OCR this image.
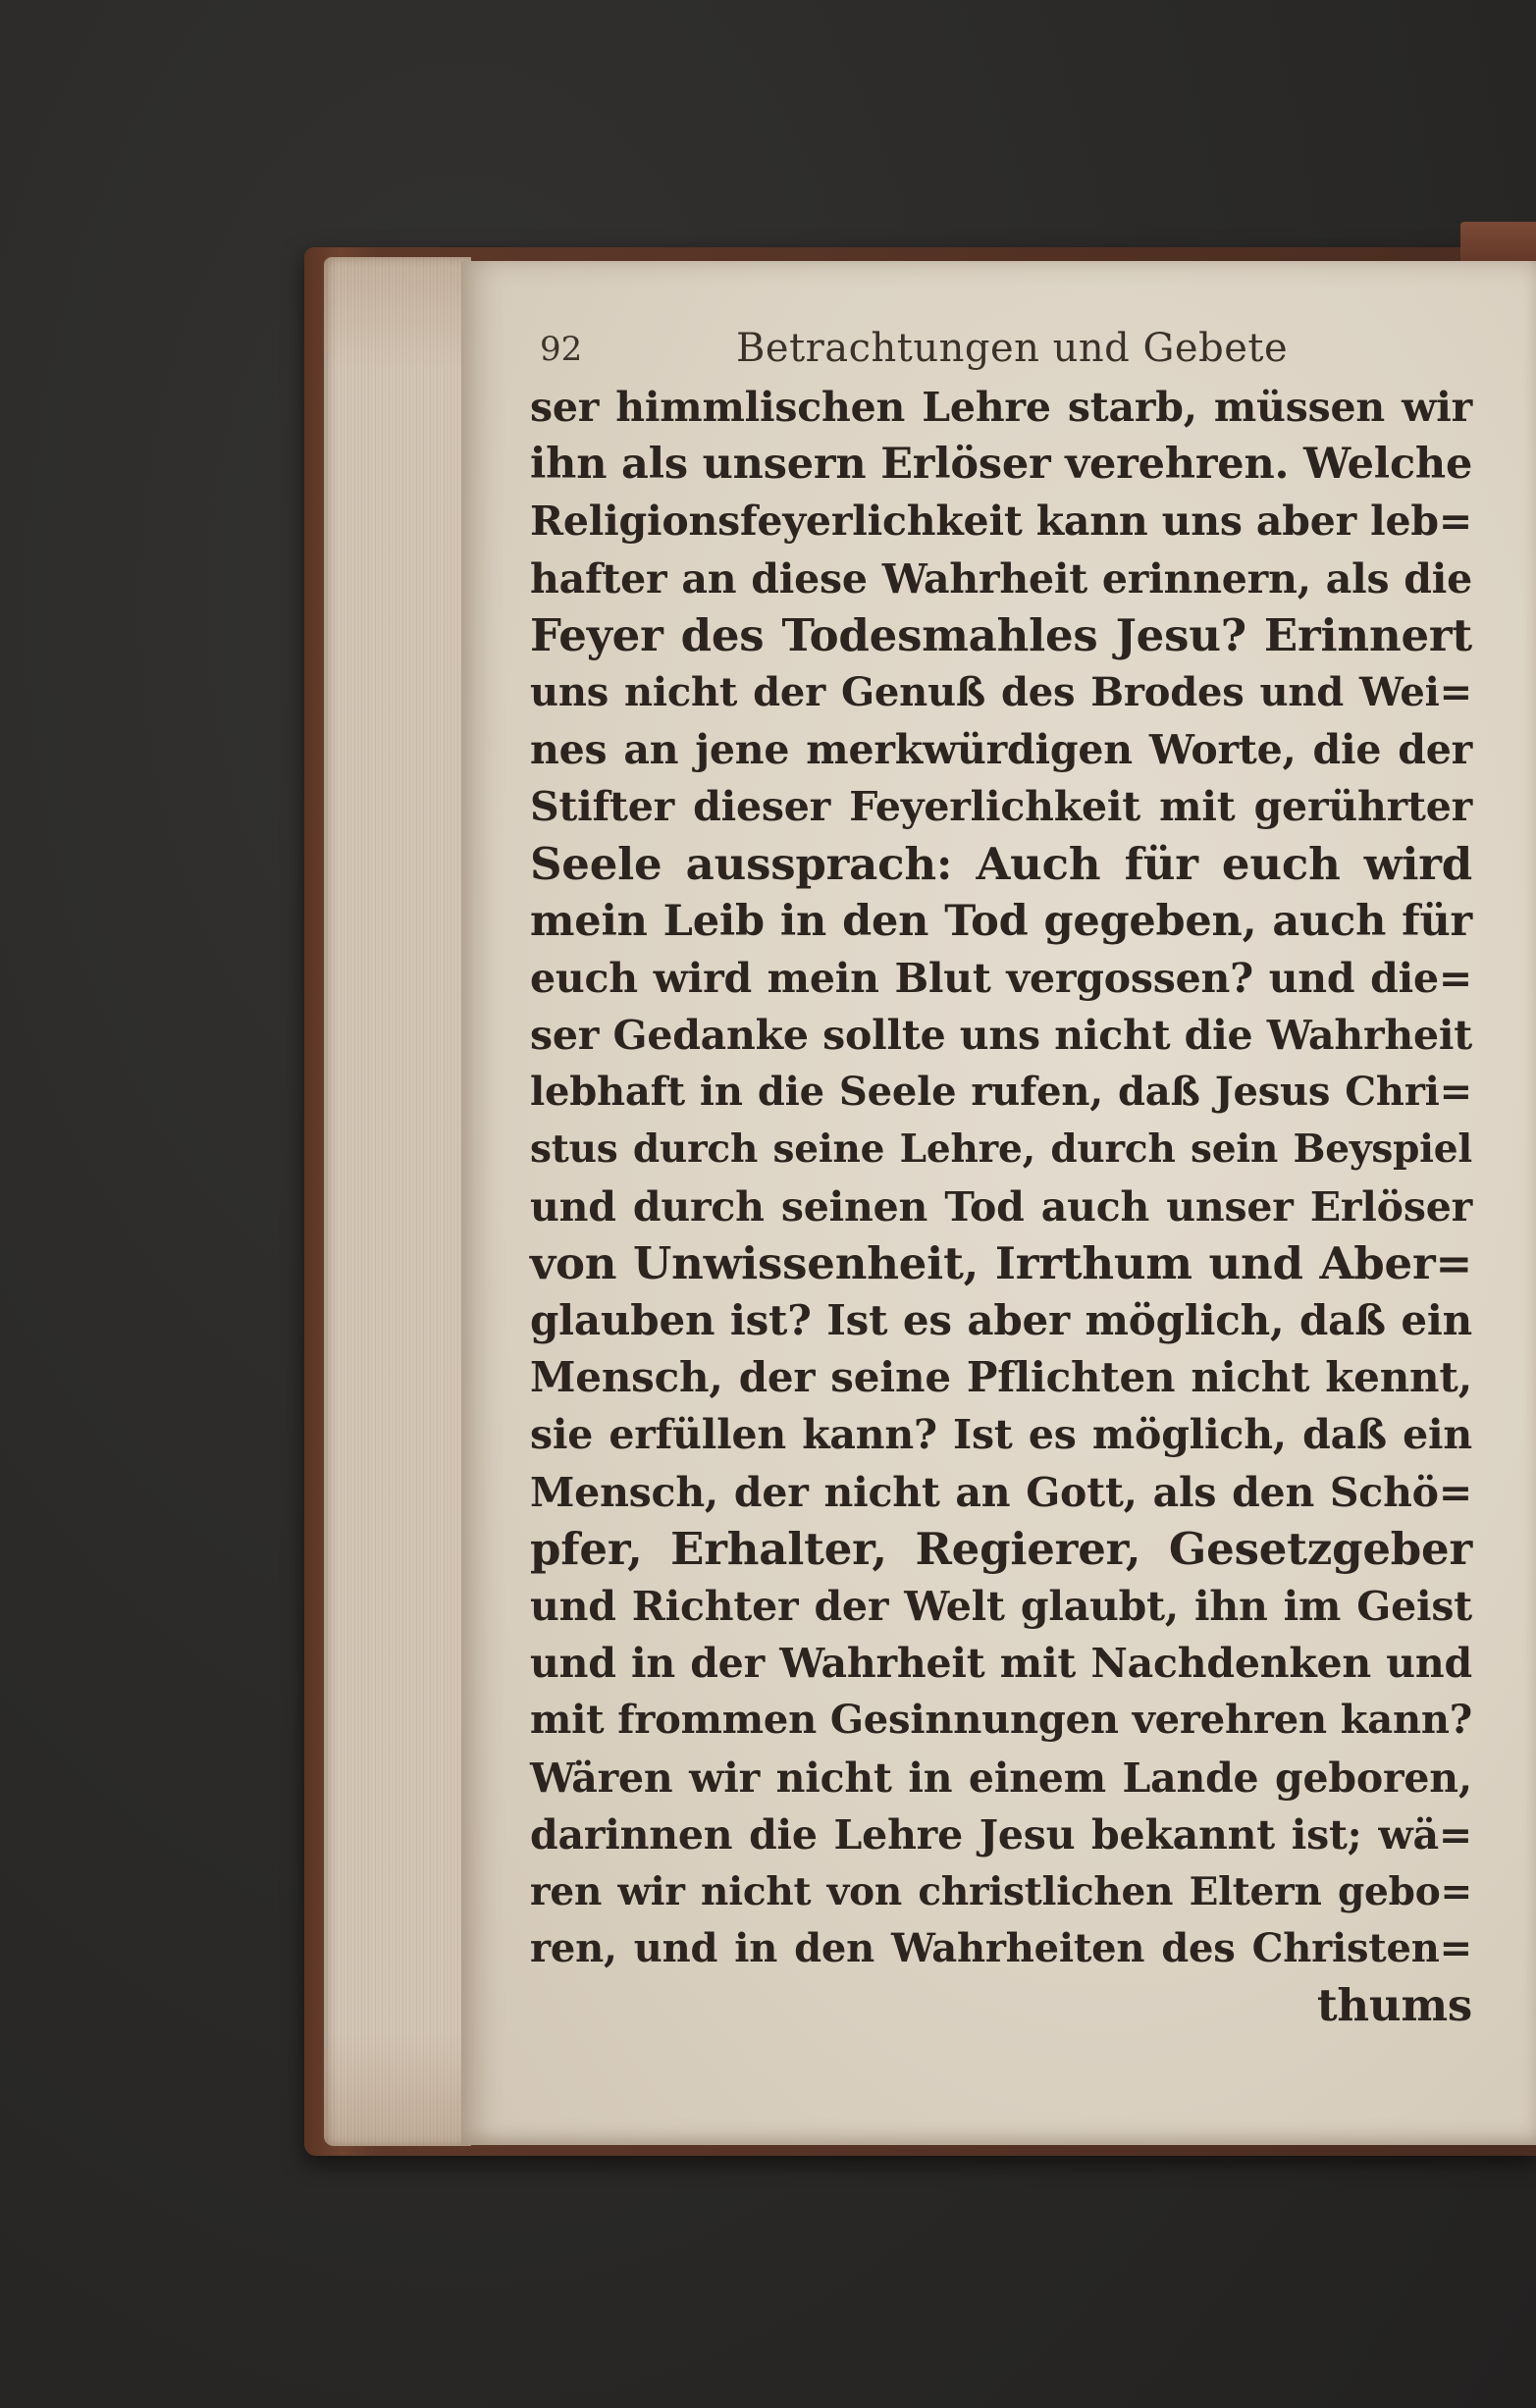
92	Betrachtungen und Gebete
ser himmlischen Lehre starb, müssen wir
ihn als unsern Erlöser verehren. Welche
Religionsfeyerlichkeit kann uns aber leb=
hafter an diese Wahrheit erinnern, als die
Feyer des Todesmahles Jesu? Erinnert
uns nicht der Genuß des Brodes und Wei=
nes an jene merkwürdigen Worte, die der
Stifter dieser Feyerlichkeit mit gerührter
Seele aussprach: Auch für euch wird
mein Leib in den Tod gegeben, auch für
euch wird mein Blut vergossen? und die=
ser Gedanke sollte uns nicht die Wahrheit
lebhaft in die Seele rufen, daß Jesus Chri=
stus durch seine Lehre, durch sein Beyspiel
und durch seinen Tod auch unser Erlöser
von Unwissenheit, Irrthum und Aber=
glauben ist? Ist es aber möglich, daß ein
Mensch, der seine Pflichten nicht kennt,
sie erfüllen kann? Ist es möglich, daß ein
Mensch, der nicht an Gott, als den Schö=
pfer, Erhalter, Regierer, Gesetzgeber
und Richter der Welt glaubt, ihn im Geist
und in der Wahrheit mit Nachdenken und
mit frommen Gesinnungen verehren kann?
Wären wir nicht in einem Lande geboren,
darinnen die Lehre Jesu bekannt ist; wä=
ren wir nicht von christlichen Eltern gebo=
ren, und in den Wahrheiten des Christen=
thums
